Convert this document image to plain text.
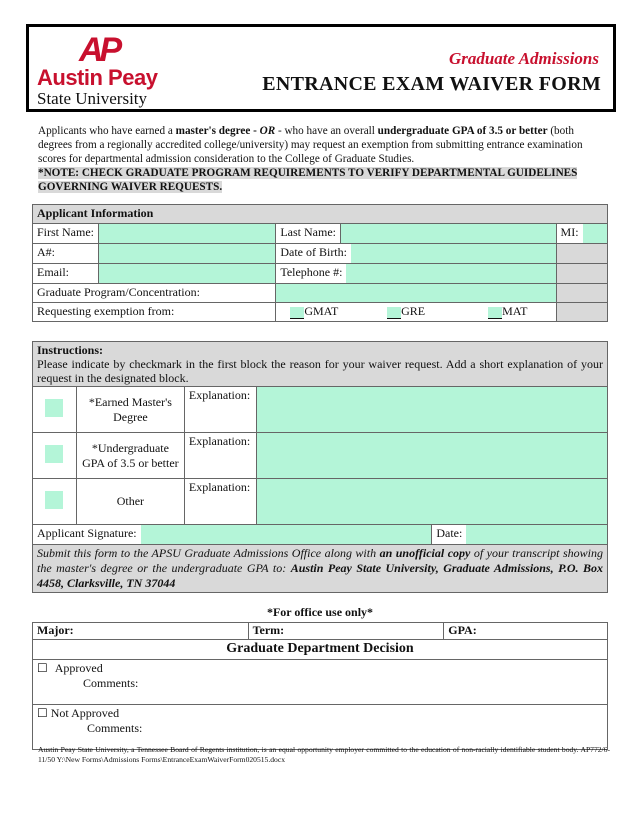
AP
Austin Peay
State University
Graduate Admissions
ENTRANCE EXAM WAIVER FORM
Applicants who have earned a master's degree - OR - who have an overall undergraduate GPA of 3.5 or better (both degrees from a regionally accredited college/university) may request an exemption from submitting entrance examination scores for departmental admission consideration to the College of Graduate Studies.
*NOTE: CHECK GRADUATE PROGRAM REQUIREMENTS TO VERIFY DEPARTMENTAL GUIDELINES GOVERNING WAIVER REQUESTS.
Applicant Information				
First Name:		Last Name:		MI:

A#:		Date of Birth:		

Email:		Telephone #:		

Graduate Program/Concentration:				
Requesting exemption from:		GMAT GRE MAT		
Instructions:
Please indicate by checkmark in the first block the reason for your waiver request. Add a short explanation of your request in the designated block.				
	*Earned Master's Degree	Explanation:		
	*Undergraduate GPA of 3.5 or better	Explanation:		
	Other	Explanation:		

Applicant Signature:				Date:

Submit this form to the APSU Graduate Admissions Office along with an unofficial copy of your transcript showing the master's degree or the undergraduate GPA to: Austin Peay State University, Graduate Admissions, P.O. Box 4458, Clarksville, TN 37044				
*For office use only*
Major:	Term:	GPA:
Graduate Department Decision
☐ Approved
Comments:
☐ Not Approved
Comments:
Austin Peay State University, a Tennessee Board of Regents institution, is an equal opportunity employer committed to the education of non-racially identifiable student body. AP772/6-11/50 Y:\New Forms\Admissions Forms\EntranceExamWaiverForm020515.docx
